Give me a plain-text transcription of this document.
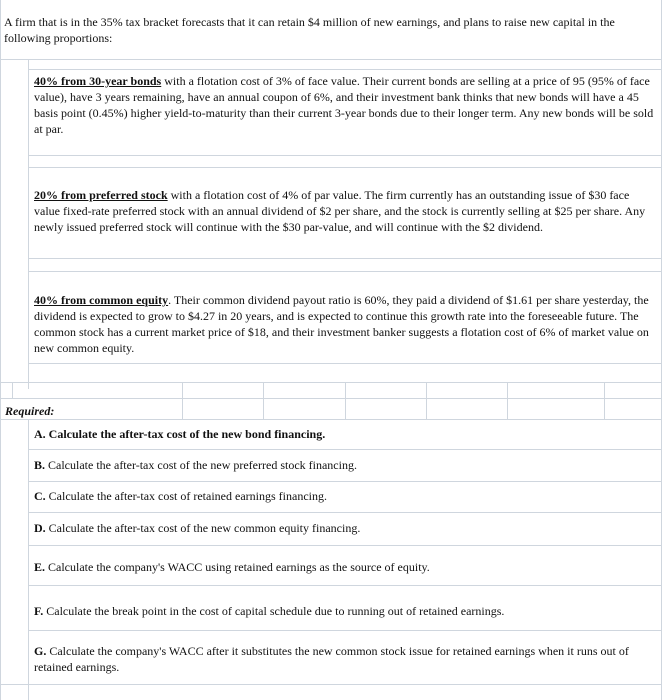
A firm that is in the 35% tax bracket forecasts that it can retain $4 million of new earnings, and plans to raise new capital in the following proportions:

40% from 30-year bonds with a flotation cost of 3% of face value. Their current bonds are selling at a price of 95 (95% of face value), have 3 years remaining, have an annual coupon of 6%, and their investment bank thinks that new bonds will have a 45 basis point (0.45%) higher yield-to-maturity than their current 3-year bonds due to their longer term. Any new bonds will be sold at par.

20% from preferred stock with a flotation cost of 4% of par value. The firm currently has an outstanding issue of $30 face value fixed-rate preferred stock with an annual dividend of $2 per share, and the stock is currently selling at $25 per share. Any newly issued preferred stock will continue with the $30 par-value, and will continue with the $2 dividend.

40% from common equity. Their common dividend payout ratio is 60%, they paid a dividend of $1.61 per share yesterday, the dividend is expected to grow to $4.27 in 20 years, and is expected to continue this growth rate into the foreseeable future. The common stock has a current market price of $18, and their investment banker suggests a flotation cost of 6% of market value on new common equity.

Required:

A. Calculate the after-tax cost of the new bond financing.

B. Calculate the after-tax cost of the new preferred stock financing.

C. Calculate the after-tax cost of retained earnings financing.

D. Calculate the after-tax cost of the new common equity financing.

E. Calculate the company's WACC using retained earnings as the source of equity.

F. Calculate the break point in the cost of capital schedule due to running out of retained earnings.

G. Calculate the company's WACC after it substitutes the new common stock issue for retained earnings when it runs out of retained earnings.
